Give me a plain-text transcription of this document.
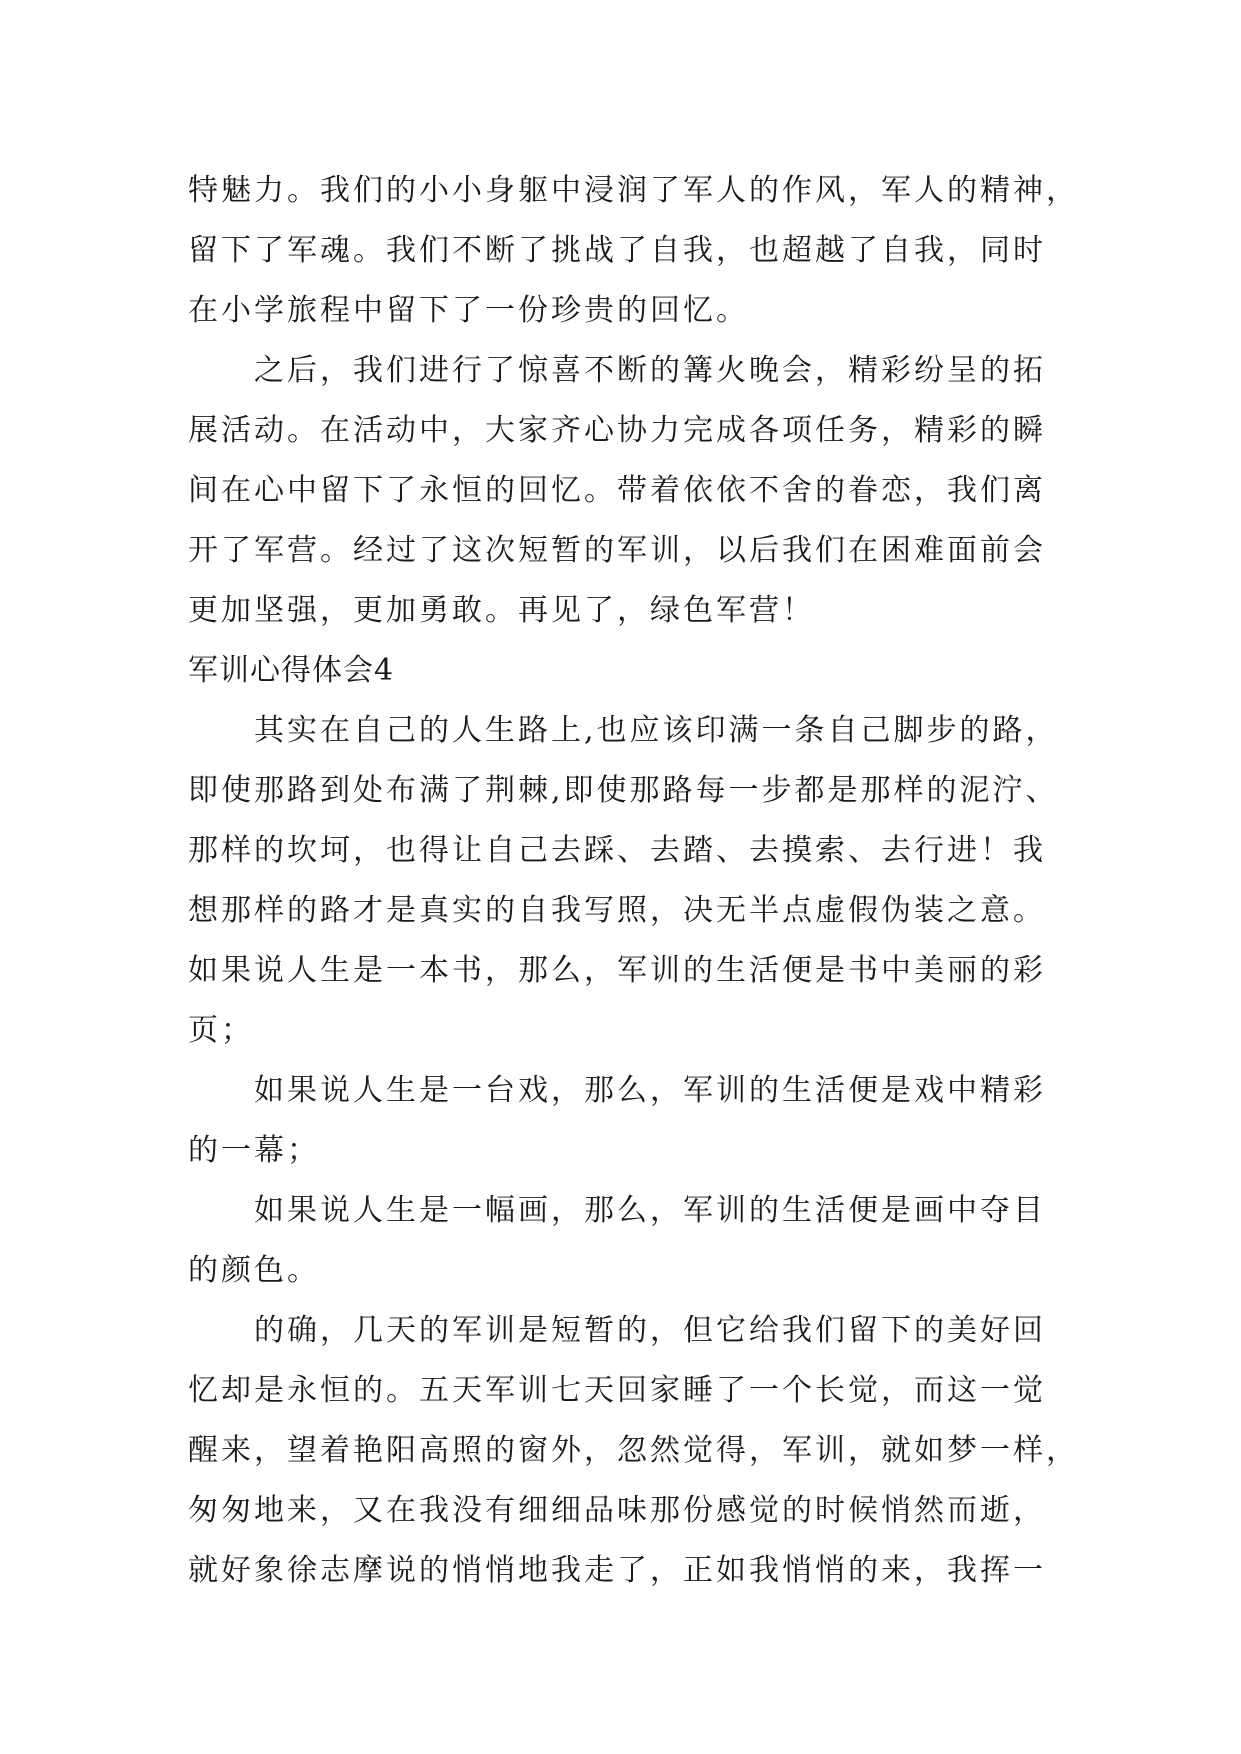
特魅力。我们的小小身躯中浸润了军人的作风，军人的精神，
留下了军魂。我们不断了挑战了自我，也超越了自我，同时
在小学旅程中留下了一份珍贵的回忆。
之后，我们进行了惊喜不断的篝火晚会，精彩纷呈的拓
展活动。在活动中，大家齐心协力完成各项任务，精彩的瞬
间在心中留下了永恒的回忆。带着依依不舍的眷恋，我们离
开了军营。经过了这次短暂的军训，以后我们在困难面前会
更加坚强，更加勇敢。再见了，绿色军营！
军训心得体会4
其实在自己的人生路上,也应该印满一条自己脚步的路，
即使那路到处布满了荆棘,即使那路每一步都是那样的泥泞、
那样的坎坷，也得让自己去踩、去踏、去摸索、去行进！我
想那样的路才是真实的自我写照，决无半点虚假伪装之意。
如果说人生是一本书，那么，军训的生活便是书中美丽的彩
页；
如果说人生是一台戏，那么，军训的生活便是戏中精彩
的一幕；
如果说人生是一幅画，那么，军训的生活便是画中夺目
的颜色。
的确，几天的军训是短暂的，但它给我们留下的美好回
忆却是永恒的。五天军训七天回家睡了一个长觉，而这一觉
醒来，望着艳阳高照的窗外，忽然觉得，军训，就如梦一样，
匆匆地来，又在我没有细细品味那份感觉的时候悄然而逝，
就好象徐志摩说的悄悄地我走了，正如我悄悄的来，我挥一
